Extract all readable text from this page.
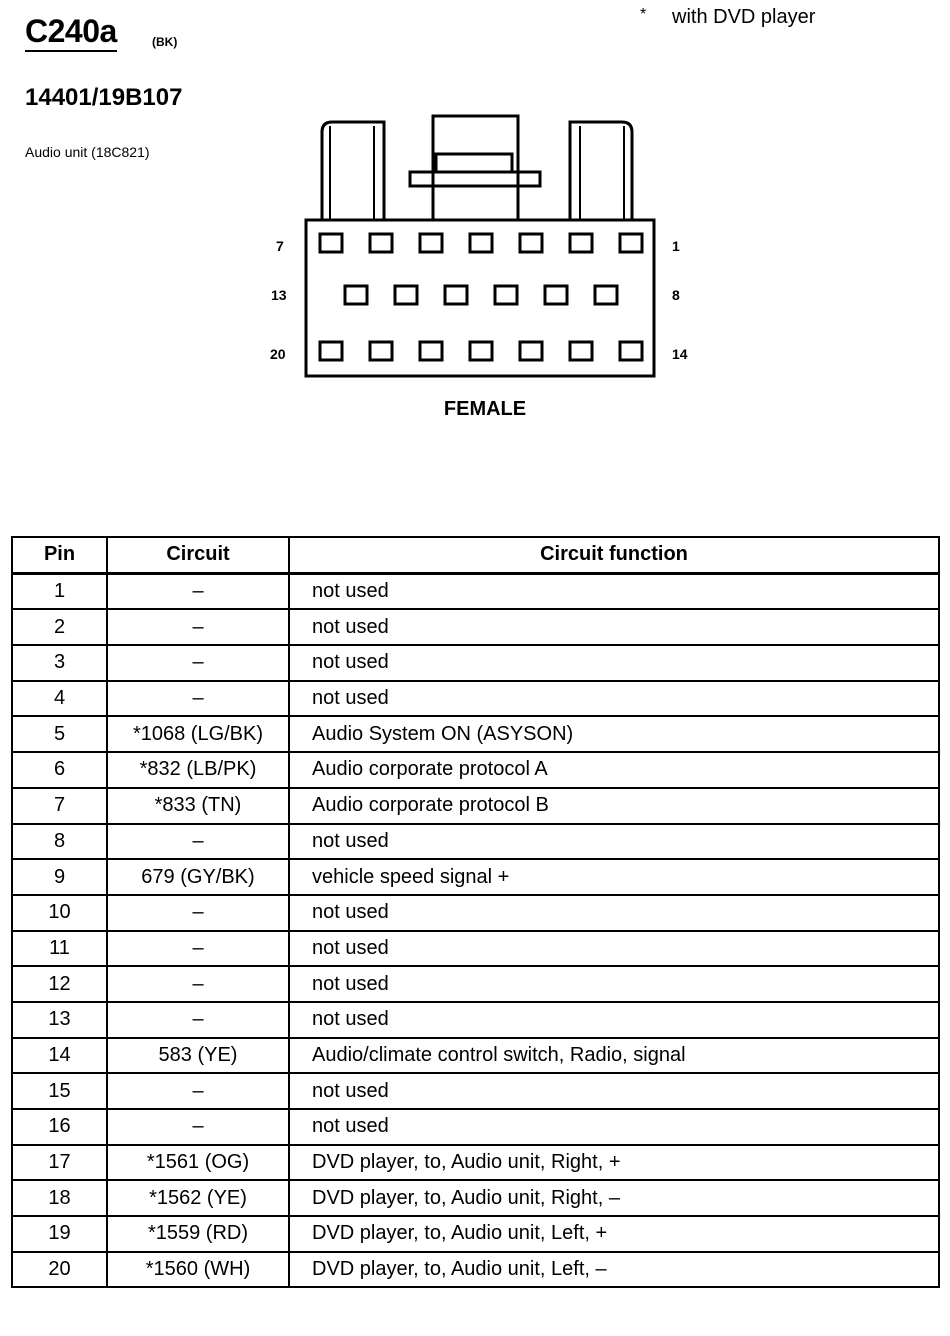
C240a	(BK)
* with DVD player
14401/19B107
Audio unit (18C821)
7	1
13	8
20	14
FEMALE
Pin	Circuit	Circuit function
1	–	not used
2	–	not used
3	–	not used
4	–	not used
5	*1068 (LG/BK)	Audio System ON (ASYSON)
6	*832 (LB/PK)	Audio corporate protocol A
7	*833 (TN)	Audio corporate protocol B
8	–	not used
9	679 (GY/BK)	vehicle speed signal +
10	–	not used
11	–	not used
12	–	not used
13	–	not used
14	583 (YE)	Audio/climate control switch, Radio, signal
15	–	not used
16	–	not used
17	*1561 (OG)	DVD player, to, Audio unit, Right, +
18	*1562 (YE)	DVD player, to, Audio unit, Right, –
19	*1559 (RD)	DVD player, to, Audio unit, Left, +
20	*1560 (WH)	DVD player, to, Audio unit, Left, –
